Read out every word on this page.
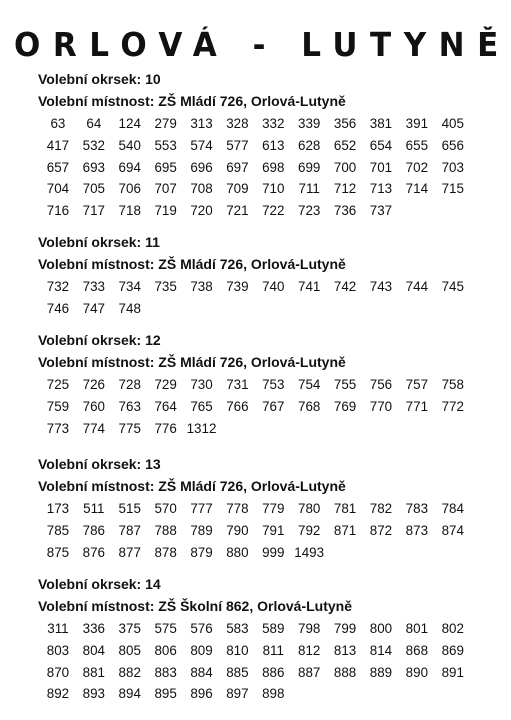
ORLOVÁ - LUTYNĚ

Volební okrsek: 10

Volební místnost: ZŠ Mládí 726, Orlová-Lutyně

63	64	124	279	313	328	332	339	356	381	391	405
417	532	540	553	574	577	613	628	652	654	655	656
657	693	694	695	696	697	698	699	700	701	702	703
704	705	706	707	708	709	710	711	712	713	714	715
716	717	718	719	720	721	722	723	736	737

Volební okrsek: 11

Volební místnost: ZŠ Mládí 726, Orlová-Lutyně

732	733	734	735	738	739	740	741	742	743	744	745
746	747	748

Volební okrsek: 12

Volební místnost: ZŠ Mládí 726, Orlová-Lutyně

725	726	728	729	730	731	753	754	755	756	757	758
759	760	763	764	765	766	767	768	769	770	771	772
773	774	775	776 1312

Volební okrsek: 13

Volební místnost: ZŠ Mládí 726, Orlová-Lutyně

173	511	515	570	777	778	779	780	781	782	783	784
785	786	787	788	789	790	791	792	871	872	873	874
875	876	877	878	879	880	999 1493

Volební okrsek: 14

Volební místnost: ZŠ Školní 862, Orlová-Lutyně

311	336	375	575	576	583	589	798	799	800	801	802
803	804	805	806	809	810	811	812	813	814	868	869
870	881	882	883	884	885	886	887	888	889	890	891
892	893	894	895	896	897	898
